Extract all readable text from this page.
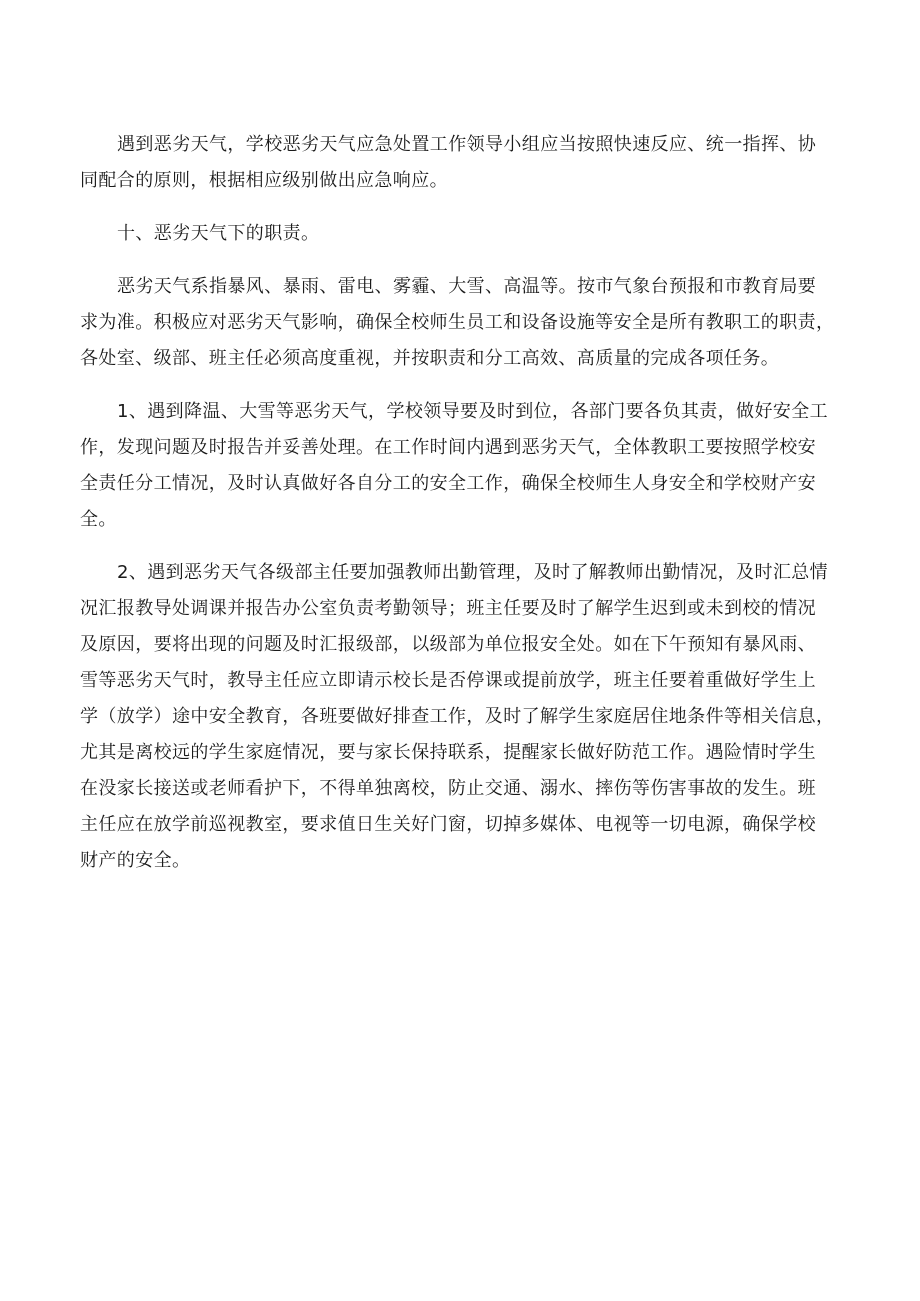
遇到恶劣天气，学校恶劣天气应急处置工作领导小组应当按照快速反应、统一指挥、协
同配合的原则，根据相应级别做出应急响应。
十、恶劣天气下的职责。
恶劣天气系指暴风、暴雨、雷电、雾霾、大雪、高温等。按市气象台预报和市教育局要
求为准。积极应对恶劣天气影响，确保全校师生员工和设备设施等安全是所有教职工的职责，
各处室、级部、班主任必须高度重视，并按职责和分工高效、高质量的完成各项任务。
1、遇到降温、大雪等恶劣天气，学校领导要及时到位，各部门要各负其责，做好安全工
作，发现问题及时报告并妥善处理。在工作时间内遇到恶劣天气，全体教职工要按照学校安
全责任分工情况，及时认真做好各自分工的安全工作，确保全校师生人身安全和学校财产安
全。
2、遇到恶劣天气各级部主任要加强教师出勤管理，及时了解教师出勤情况，及时汇总情
况汇报教导处调课并报告办公室负责考勤领导；班主任要及时了解学生迟到或未到校的情况
及原因，要将出现的问题及时汇报级部，以级部为单位报安全处。如在下午预知有暴风雨、
雪等恶劣天气时，教导主任应立即请示校长是否停课或提前放学，班主任要着重做好学生上
学（放学）途中安全教育，各班要做好排查工作，及时了解学生家庭居住地条件等相关信息，
尤其是离校远的学生家庭情况，要与家长保持联系，提醒家长做好防范工作。遇险情时学生
在没家长接送或老师看护下，不得单独离校，防止交通、溺水、摔伤等伤害事故的发生。班
主任应在放学前巡视教室，要求值日生关好门窗，切掉多媒体、电视等一切电源，确保学校
财产的安全。
